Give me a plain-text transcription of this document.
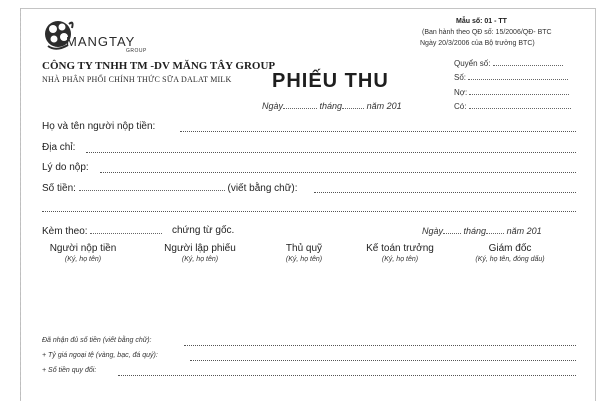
MANGTAY
GROUP
CÔNG TY TNHH TM -DV MĂNG TÂY GROUP
NHÀ PHÂN PHỐI CHÍNH THỨC SỮA DALAT MILK
Mẫu số: 01 - TT
(Ban hành theo QĐ số: 15/2006/QĐ- BTC
Ngày 20/3/2006 của Bộ trưởng BTC)
PHIẾU THU
Ngày	tháng	năm 201
Quyển số:
Số:
Nợ:
Có:
Họ và tên người nộp tiền:
Địa chỉ:
Lý do nộp:
Số tiền:	(viết bằng chữ):
Kèm theo:	chứng từ gốc.	Ngày tháng năm 201
Người nộp tiền
(Ký, họ tên)
Người lập phiếu
(Ký, họ tên)
Thủ quỹ
(Ký, họ tên)
Kế toán trưởng
(Ký, họ tên)
Giám đốc
(Ký, họ tên, đóng dấu)
Đã nhận đủ số tiền (viết bằng chữ):
+ Tỷ giá ngoại tệ (vàng, bạc, đá quý):
+ Số tiền quy đổi:
